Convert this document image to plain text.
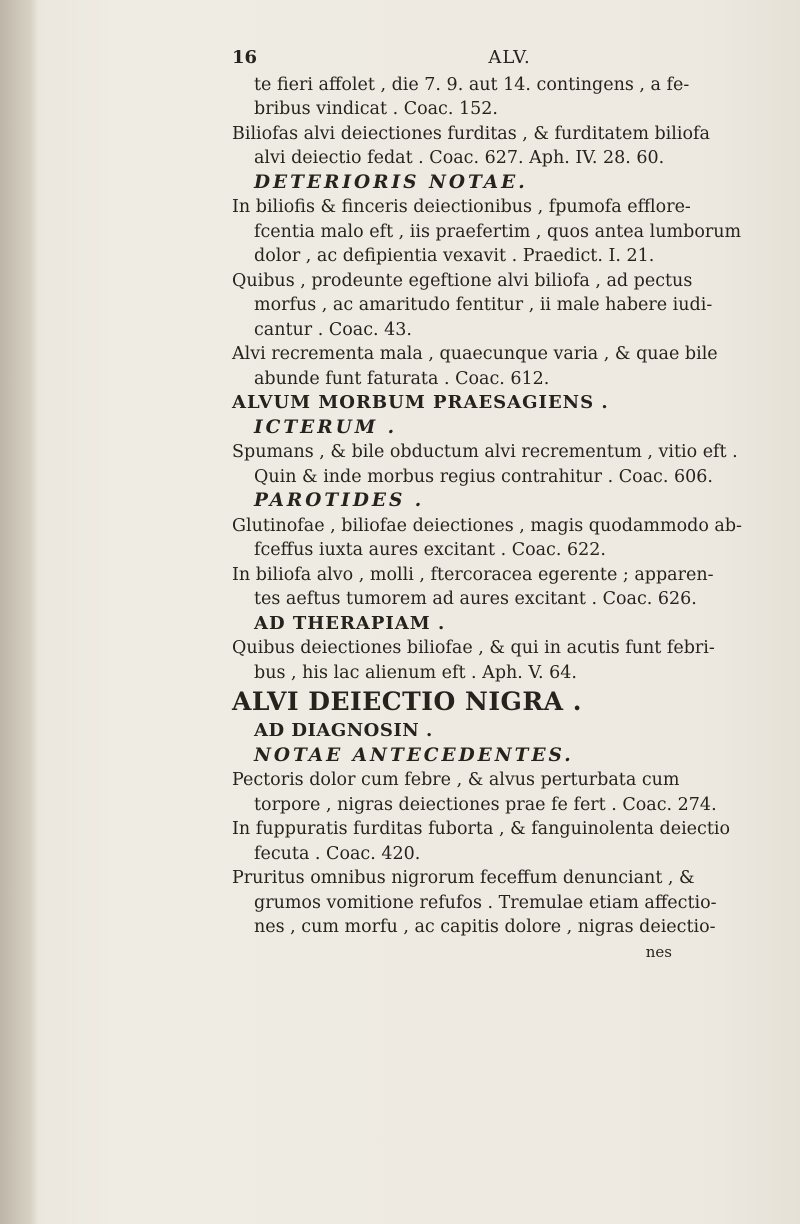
16	ALV.
te fieri affolet , die 7. 9. aut 14. contingens , a fe-
bribus vindicat . Coac. 152.
Biliofas alvi deiectiones furditas , & furditatem biliofa
alvi deiectio fedat . Coac. 627. Aph. IV. 28. 60.
DETERIORIS NOTAE.
In biliofis & finceris deiectionibus , fpumofa efflore-
fcentia malo eft , iis praefertim , quos antea lumborum
dolor , ac defipientia vexavit . Praedict. I. 21.
Quibus , prodeunte egeftione alvi biliofa , ad pectus
morfus , ac amaritudo fentitur , ii male habere iudi-
cantur . Coac. 43.
Alvi recrementa mala , quaecunque varia , & quae bile
abunde funt faturata . Coac. 612.
ALVUM MORBUM PRAESAGIENS .
ICTERUM .
Spumans , & bile obductum alvi recrementum , vitio eft .
Quin & inde morbus regius contrahitur . Coac. 606.
PAROTIDES .
Glutinofae , biliofae deiectiones , magis quodammodo ab-
fceffus iuxta aures excitant . Coac. 622.
In biliofa alvo , molli , ftercoracea egerente ; apparen-
tes aeftus tumorem ad aures excitant . Coac. 626.
AD THERAPIAM .
Quibus deiectiones biliofae , & qui in acutis funt febri-
bus , his lac alienum eft . Aph. V. 64.
ALVI DEIECTIO NIGRA .
AD DIAGNOSIN .
NOTAE ANTECEDENTES.
Pectoris dolor cum febre , & alvus perturbata cum
torpore , nigras deiectiones prae fe fert . Coac. 274.
In fuppuratis furditas fuborta , & fanguinolenta deiectio
fecuta . Coac. 420.
Pruritus omnibus nigrorum feceffum denunciant , &
grumos vomitione refufos . Tremulae etiam affectio-
nes , cum morfu , ac capitis dolore , nigras deiectio-
nes
